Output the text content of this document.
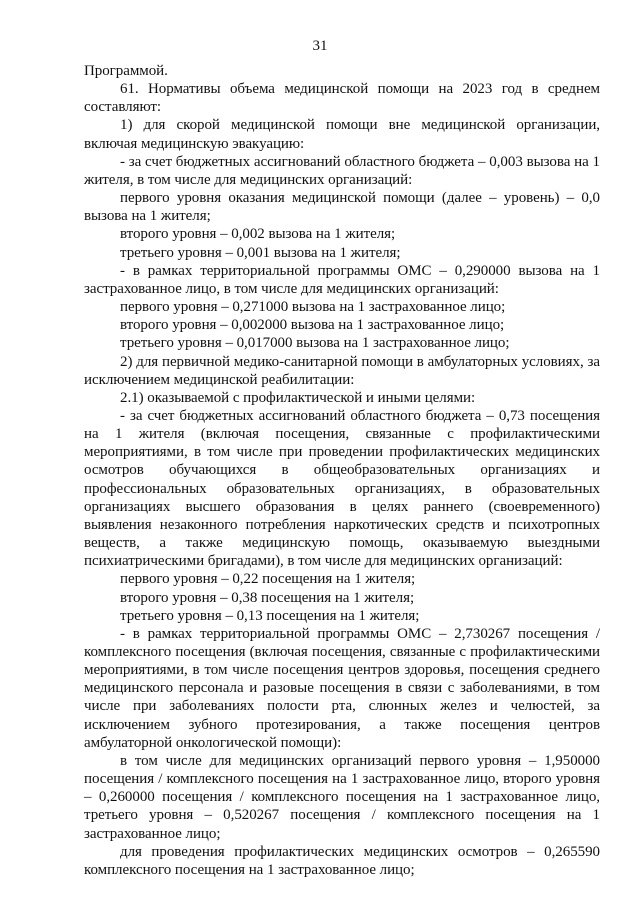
31

Программой.

61. Нормативы объема медицинской помощи на 2023 год в среднем составляют:

1) для скорой медицинской помощи вне медицинской организации, включая медицинскую эвакуацию:

- за счет бюджетных ассигнований областного бюджета – 0,003 вызова на 1 жителя, в том числе для медицинских организаций:

первого уровня оказания медицинской помощи (далее – уровень) – 0,0 вызова на 1 жителя;

второго уровня – 0,002 вызова на 1 жителя;

третьего уровня – 0,001 вызова на 1 жителя;

- в рамках территориальной программы ОМС – 0,290000 вызова на 1 застрахованное лицо, в том числе для медицинских организаций:

первого уровня – 0,271000 вызова на 1 застрахованное лицо;

второго уровня – 0,002000 вызова на 1 застрахованное лицо;

третьего уровня – 0,017000 вызова на 1 застрахованное лицо;

2) для первичной медико-санитарной помощи в амбулаторных условиях, за исключением медицинской реабилитации:

2.1) оказываемой с профилактической и иными целями:

- за счет бюджетных ассигнований областного бюджета – 0,73 посещения на 1 жителя (включая посещения, связанные с профилактическими мероприятиями, в том числе при проведении профилактических медицинских осмотров обучающихся в общеобразовательных организациях и профессиональных образовательных организациях, в образовательных организациях высшего образования в целях раннего (своевременного) выявления незаконного потребления наркотических средств и психотропных веществ, а также медицинскую помощь, оказываемую выездными психиатрическими бригадами), в том числе для медицинских организаций:

первого уровня – 0,22 посещения на 1 жителя;

второго уровня – 0,38 посещения на 1 жителя;

третьего уровня – 0,13 посещения на 1 жителя;

- в рамках территориальной программы ОМС – 2,730267 посещения / комплексного посещения (включая посещения, связанные с профилактическими мероприятиями, в том числе посещения центров здоровья, посещения среднего медицинского персонала и разовые посещения в связи с заболеваниями, в том числе при заболеваниях полости рта, слюнных желез и челюстей, за исключением зубного протезирования, а также посещения центров амбулаторной онкологической помощи):

в том числе для медицинских организаций первого уровня – 1,950000 посещения / комплексного посещения на 1 застрахованное лицо, второго уровня – 0,260000 посещения / комплексного посещения на 1 застрахованное лицо, третьего уровня – 0,520267 посещения / комплексного посещения на 1 застрахованное лицо;

для проведения профилактических медицинских осмотров – 0,265590 комплексного посещения на 1 застрахованное лицо;
